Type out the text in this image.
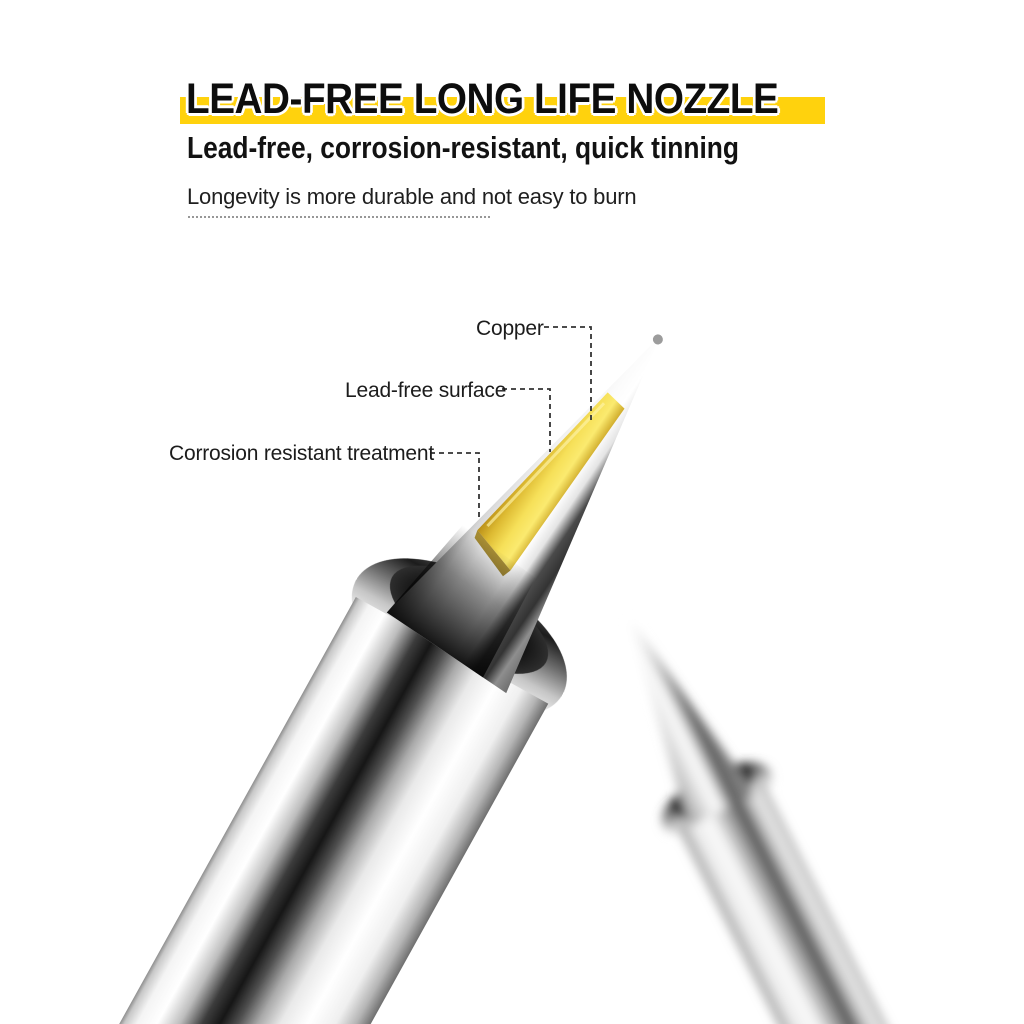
LEAD-FREE LONG LIFE NOZZLE
Lead-free, corrosion-resistant, quick tinning

Longevity is more durable and not easy to burn

Copper
Lead-free surface
Corrosion resistant treatment
